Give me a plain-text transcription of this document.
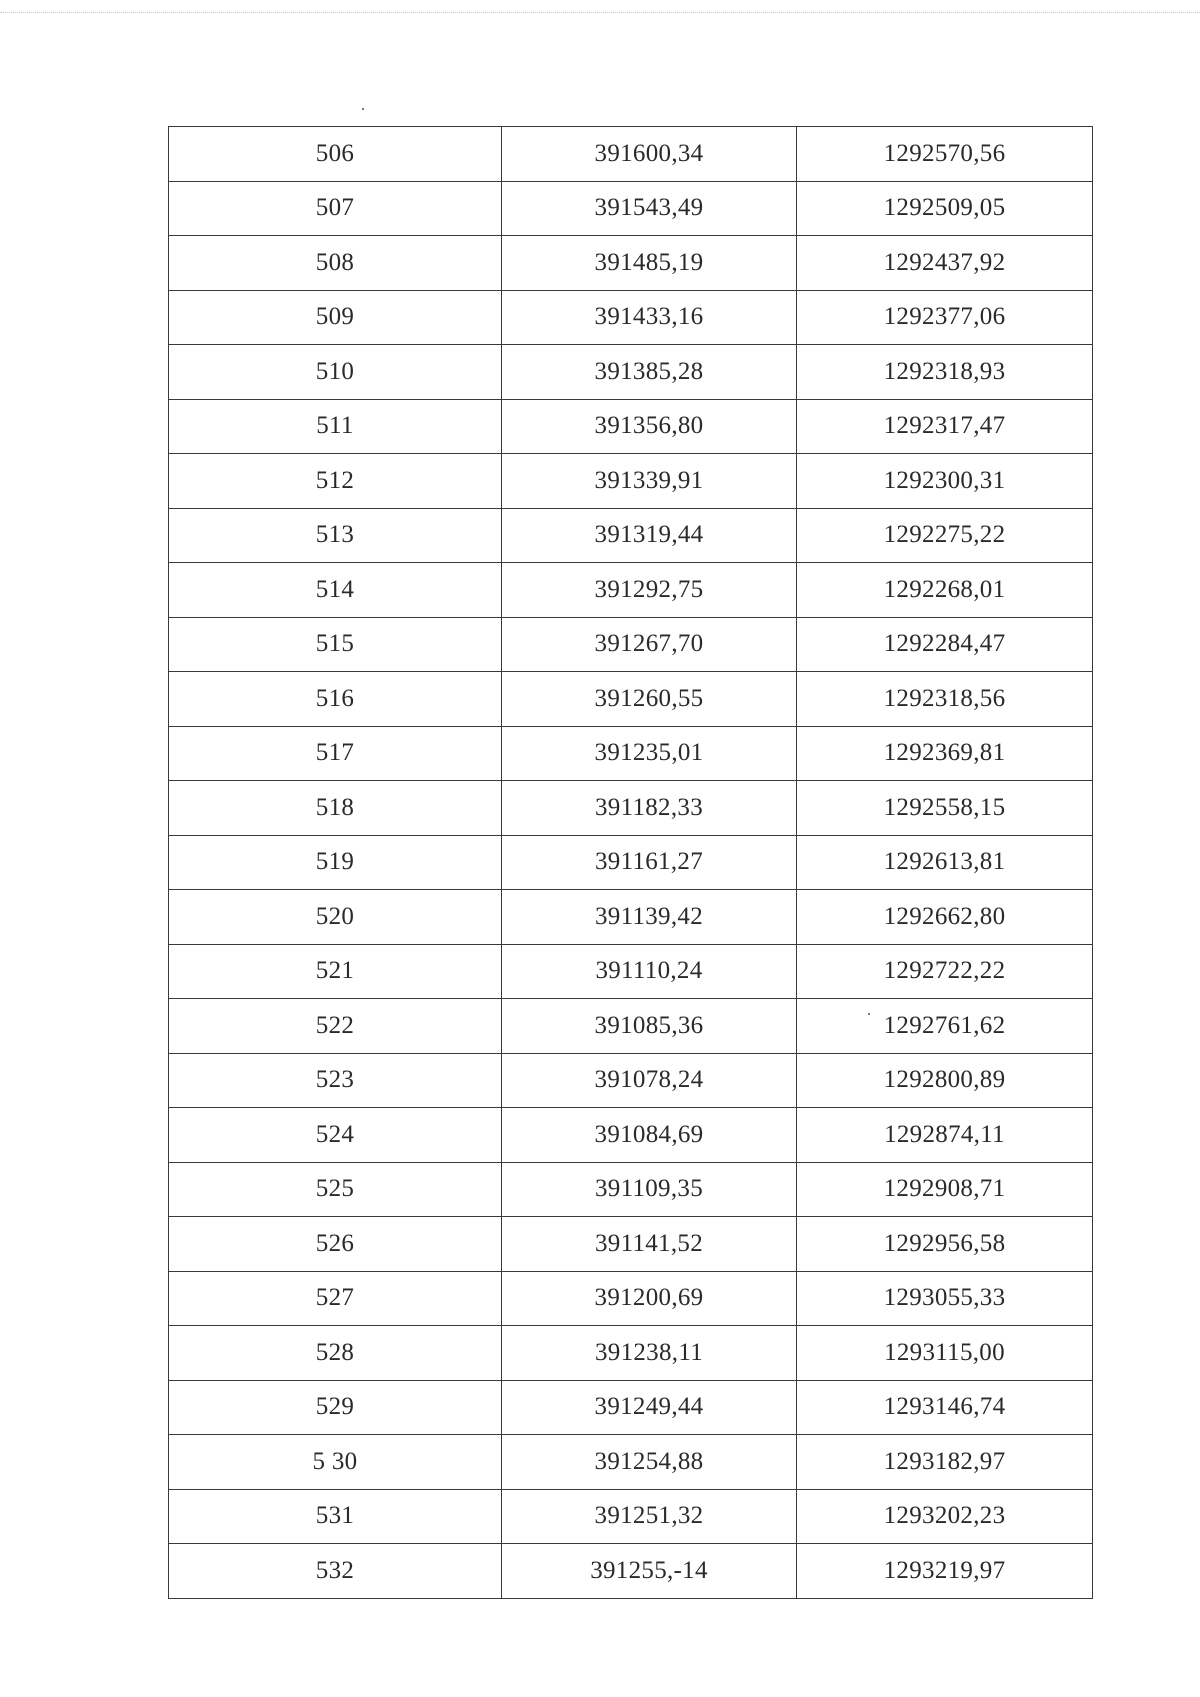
506	391600,34	1292570,56
507	391543,49	1292509,05
508	391485,19	1292437,92
509	391433,16	1292377,06
510	391385,28	1292318,93
511	391356,80	1292317,47
512	391339,91	1292300,31
513	391319,44	1292275,22
514	391292,75	1292268,01
515	391267,70	1292284,47
516	391260,55	1292318,56
517	391235,01	1292369,81
518	391182,33	1292558,15
519	391161,27	1292613,81
520	391139,42	1292662,80
521	391110,24	1292722,22
522	391085,36	1292761,62
523	391078,24	1292800,89
524	391084,69	1292874,11
525	391109,35	1292908,71
526	391141,52	1292956,58
527	391200,69	1293055,33
528	391238,11	1293115,00
529	391249,44	1293146,74
5 30	391254,88	1293182,97
531	391251,32	1293202,23
532	391255,-14	1293219,97
